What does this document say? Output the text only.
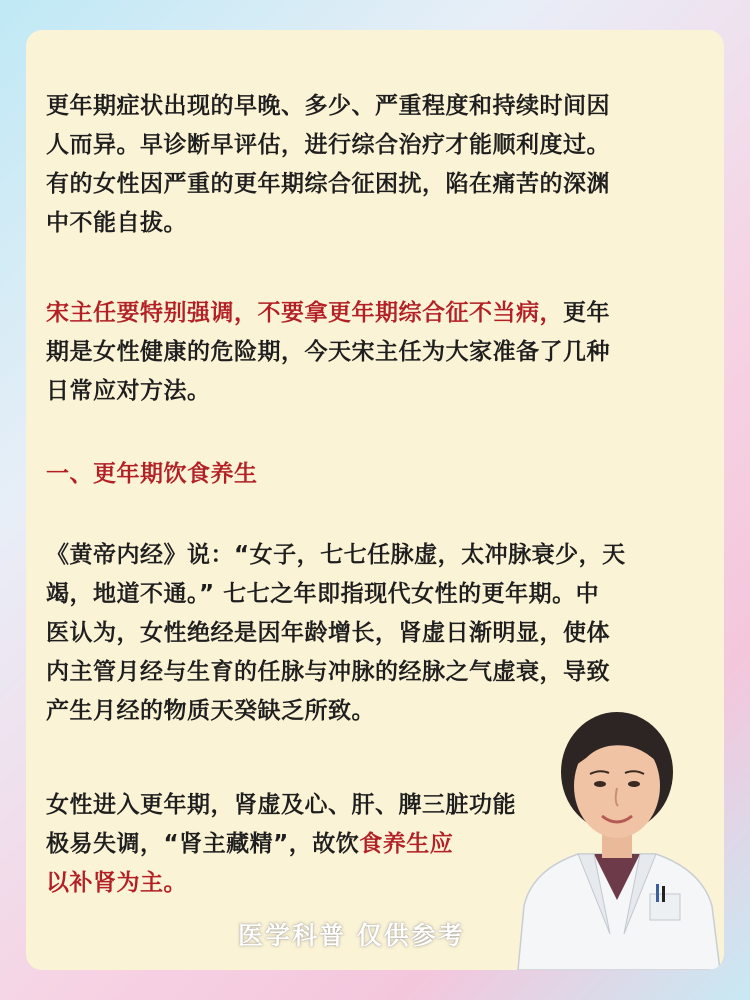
更年期症状出现的早晚、多少、严重程度和持续时间因
人而异。早诊断早评估，进行综合治疗才能顺利度过。
有的女性因严重的更年期综合征困扰，陷在痛苦的深渊
中不能自拔。
宋主任要特别强调，不要拿更年期综合征不当病，更年
期是女性健康的危险期，今天宋主任为大家准备了几种
日常应对方法。
一、更年期饮食养生
《黄帝内经》说：“女子，七七任脉虚，太冲脉衰少，天
竭，地道不通。” 七七之年即指现代女性的更年期。中
医认为，女性绝经是因年龄增长，肾虚日渐明显，使体
内主管月经与生育的任脉与冲脉的经脉之气虚衰，导致
产生月经的物质天癸缺乏所致。
女性进入更年期，肾虚及心、肝、脾三脏功能
极易失调，“肾主藏精”，故饮食养生应
以补肾为主。
医学科普 仅供参考
